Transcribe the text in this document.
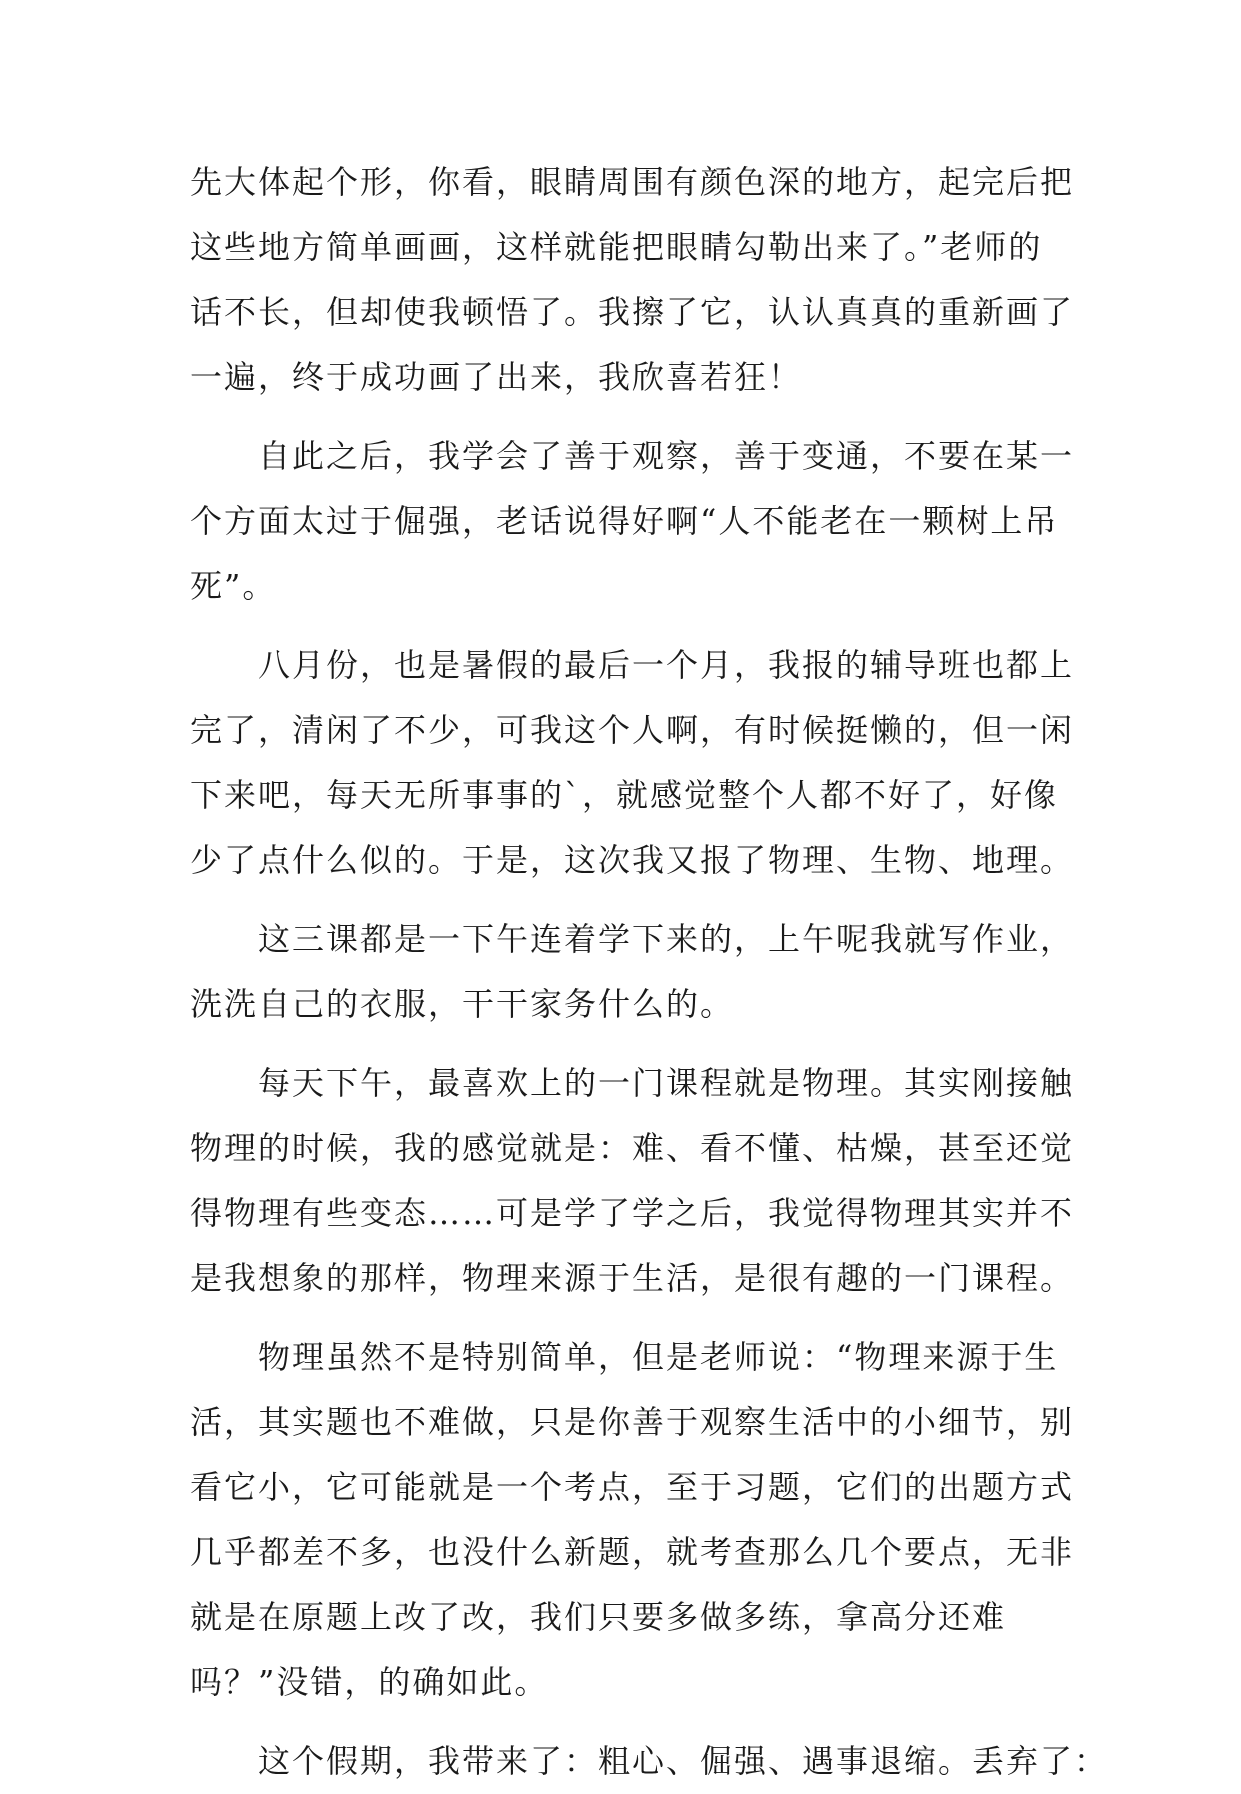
先大体起个形，你看，眼睛周围有颜色深的地方，起完后把
这些地方简单画画，这样就能把眼睛勾勒出来了。”老师的
话不长，但却使我顿悟了。我擦了它，认认真真的重新画了
一遍，终于成功画了出来，我欣喜若狂！
自此之后，我学会了善于观察，善于变通，不要在某一
个方面太过于倔强，老话说得好啊“人不能老在一颗树上吊
死”。
八月份，也是暑假的最后一个月，我报的辅导班也都上
完了，清闲了不少，可我这个人啊，有时候挺懒的，但一闲
下来吧，每天无所事事的`，就感觉整个人都不好了，好像
少了点什么似的。于是，这次我又报了物理、生物、地理。
这三课都是一下午连着学下来的，上午呢我就写作业，
洗洗自己的衣服，干干家务什么的。
每天下午，最喜欢上的一门课程就是物理。其实刚接触
物理的时候，我的感觉就是：难、看不懂、枯燥，甚至还觉
得物理有些变态……可是学了学之后，我觉得物理其实并不
是我想象的那样，物理来源于生活，是很有趣的一门课程。
物理虽然不是特别简单，但是老师说：“物理来源于生
活，其实题也不难做，只是你善于观察生活中的小细节，别
看它小，它可能就是一个考点，至于习题，它们的出题方式
几乎都差不多，也没什么新题，就考查那么几个要点，无非
就是在原题上改了改，我们只要多做多练，拿高分还难
吗？”没错，的确如此。
这个假期，我带来了：粗心、倔强、遇事退缩。丢弃了：
